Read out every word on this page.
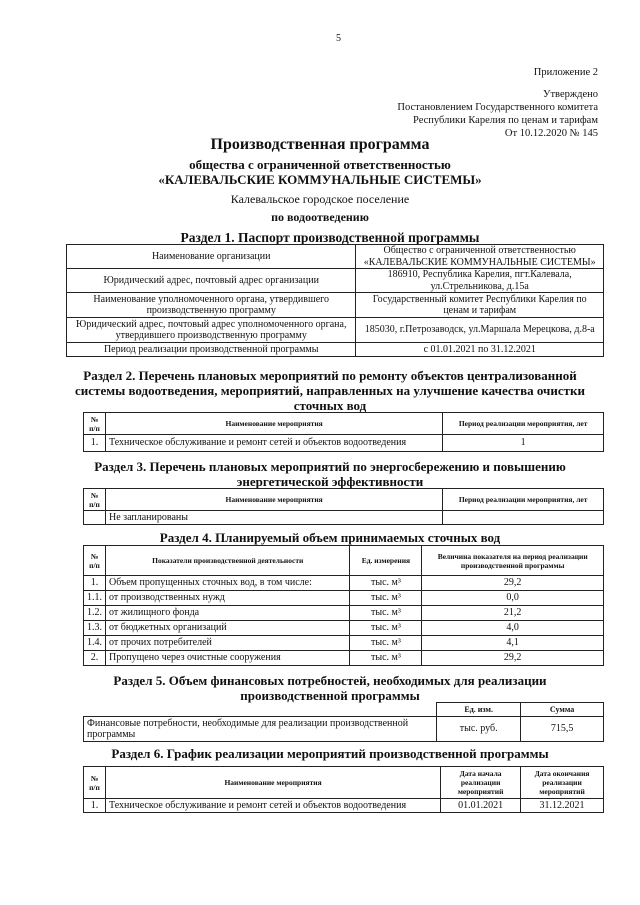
5
Приложение 2
Утверждено
Постановлением Государственного комитета
Республики Карелия по ценам и тарифам
От 10.12.2020 № 145
Производственная программа
общества с ограниченной ответственностью
«КАЛЕВАЛЬСКИЕ КОММУНАЛЬНЫЕ СИСТЕМЫ»
Калевальское городское поселение
по водоотведению
Раздел 1. Паспорт производственной программы
Наименование организации	Общество с ограниченной ответственностью «КАЛЕВАЛЬСКИЕ КОММУНАЛЬНЫЕ СИСТЕМЫ»
Юридический адрес, почтовый адрес организации	186910, Республика Карелия, пгт.Калевала, ул.Стрельникова, д.15а
Наименование уполномоченного органа, утвердившего производственную программу	Государственный комитет Республики Карелия по ценам и тарифам
Юридический адрес, почтовый адрес уполномоченного органа, утвердившего производственную программу	185030, г.Петрозаводск, ул.Маршала Мерецкова, д.8-а
Период реализации производственной программы	с 01.01.2021 по 31.12.2021
Раздел 2. Перечень плановых мероприятий по ремонту объектов централизованной системы водоотведения, мероприятий, направленных на улучшение качества очистки сточных вод
№ п/п	Наименование мероприятия	Период реализации мероприятия, лет
1.	Техническое обслуживание и ремонт сетей и объектов водоотведения	1
Раздел 3. Перечень плановых мероприятий по энергосбережению и повышению энергетической эффективности
№ п/п	Наименование мероприятия	Период реализации мероприятия, лет
	Не запланированы	
Раздел 4. Планируемый объем принимаемых сточных вод
№ п/п	Показатели производственной деятельности	Ед. измерения	Величина показателя на период реализации производственной программы
1.	Объем пропущенных сточных вод, в том числе:	тыс. м³	29,2
1.1.	от производственных нужд	тыс. м³	0,0
1.2.	от жилищного фонда	тыс. м³	21,2
1.3.	от бюджетных организаций	тыс. м³	4,0
1.4.	от прочих потребителей	тыс. м³	4,1
2.	Пропущено через очистные сооружения	тыс. м³	29,2
Раздел 5. Объем финансовых потребностей, необходимых для реализации производственной программы
	Ед. изм.	Сумма
Финансовые потребности, необходимые для реализации производственной программы	тыс. руб.	715,5
Раздел 6. График реализации мероприятий производственной программы
№ п/п	Наименование мероприятия	Дата начала реализации мероприятий	Дата окончания реализации мероприятий
1.	Техническое обслуживание и ремонт сетей и объектов водоотведения	01.01.2021	31.12.2021
